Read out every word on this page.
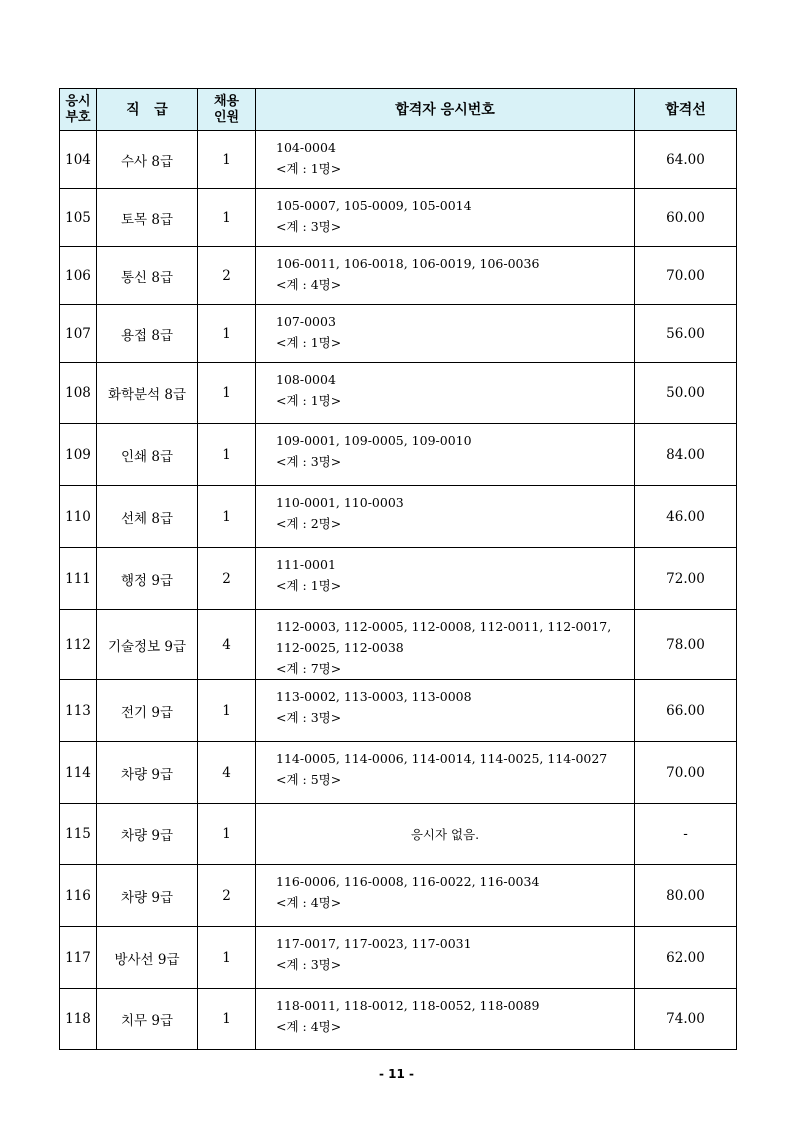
응시
부호	직   급	채용
인원	합격자 응시번호	합격선
104	수사 8급	1	104-0004
<계 : 1명>	64.00
105	토목 8급	1	105-0007, 105-0009, 105-0014
<계 : 3명>	60.00
106	통신 8급	2	106-0011, 106-0018, 106-0019, 106-0036
<계 : 4명>	70.00
107	용접 8급	1	107-0003
<계 : 1명>	56.00
108	화학분석 8급	1	108-0004
<계 : 1명>	50.00
109	인쇄 8급	1	109-0001, 109-0005, 109-0010
<계 : 3명>	84.00
110	선체 8급	1	110-0001, 110-0003
<계 : 2명>	46.00
111	행정 9급	2	111-0001
<계 : 1명>	72.00
112	기술정보 9급	4	112-0003, 112-0005, 112-0008, 112-0011, 112-0017,
112-0025, 112-0038
<계 : 7명>	78.00
113	전기 9급	1	113-0002, 113-0003, 113-0008
<계 : 3명>	66.00
114	차량 9급	4	114-0005, 114-0006, 114-0014, 114-0025, 114-0027
<계 : 5명>	70.00
115	차량 9급	1	응시자 없음.	-
116	차량 9급	2	116-0006, 116-0008, 116-0022, 116-0034
<계 : 4명>	80.00
117	방사선 9급	1	117-0017, 117-0023, 117-0031
<계 : 3명>	62.00
118	치무 9급	1	118-0011, 118-0012, 118-0052, 118-0089
<계 : 4명>	74.00
- 11 -
